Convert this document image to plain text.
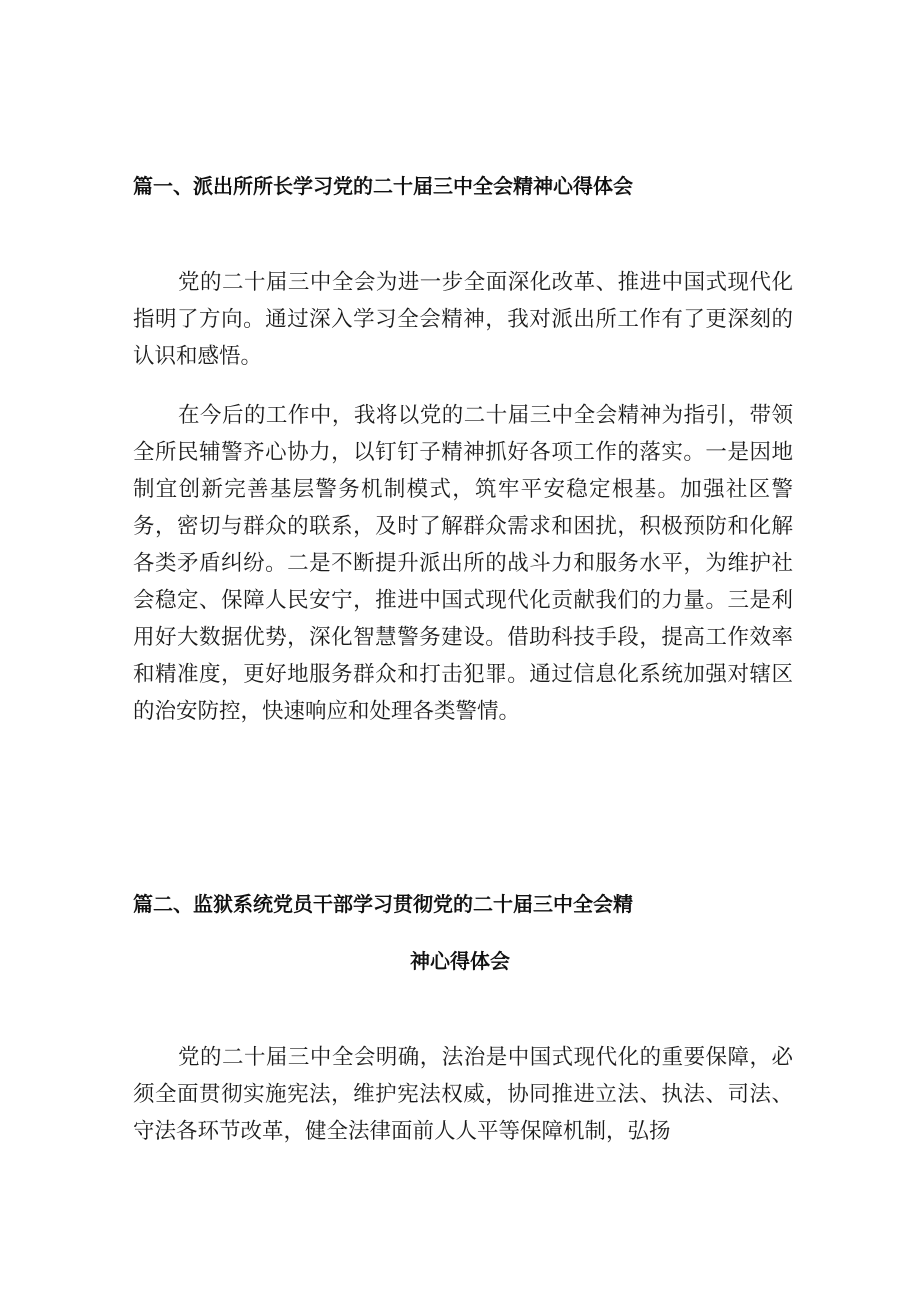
篇一、派出所所长学习党的二十届三中全会精神心得体会
党的二十届三中全会为进一步全面深化改革、推进中国式现代化指明了方向。通过深入学习全会精神，我对派出所工作有了更深刻的认识和感悟。
在今后的工作中，我将以党的二十届三中全会精神为指引，带领全所民辅警齐心协力，以钉钉子精神抓好各项工作的落实。一是因地制宜创新完善基层警务机制模式，筑牢平安稳定根基。加强社区警务，密切与群众的联系，及时了解群众需求和困扰，积极预防和化解各类矛盾纠纷。二是不断提升派出所的战斗力和服务水平，为维护社会稳定、保障人民安宁，推进中国式现代化贡献我们的力量。三是利用好大数据优势，深化智慧警务建设。借助科技手段，提高工作效率和精准度，更好地服务群众和打击犯罪。通过信息化系统加强对辖区的治安防控，快速响应和处理各类警情。
篇二、监狱系统党员干部学习贯彻党的二十届三中全会精
神心得体会
党的二十届三中全会明确，法治是中国式现代化的重要保障，必须全面贯彻实施宪法，维护宪法权威，协同推进立法、执法、司法、守法各环节改革，健全法律面前人人平等保障机制，弘扬
